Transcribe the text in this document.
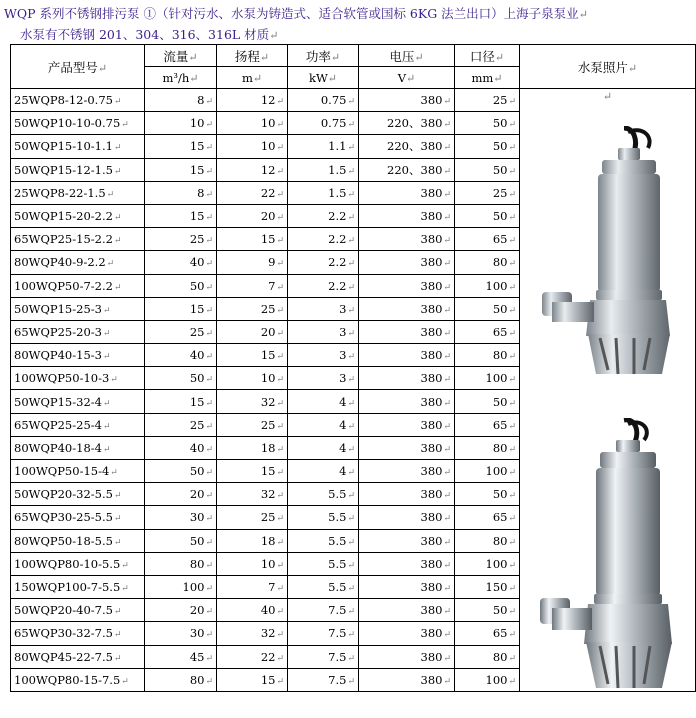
WQP 系列不锈钢排污泵 ①（针对污水、水泵为铸造式、适合软管或国标 6KG 法兰出口）上海子泉泵业↵
水泵有不锈钢 201、304、316、316L 材质↵
产品型号↵	流量↵	扬程↵	功率↵	电压↵	口径↵	水泵照片↵
	m³/h↵	m↵	kW↵	V↵	mm↵	
25WQP8-12-0.75↵	8↵	12↵	0.75↵	380↵	25↵	↵
50WQP10-10-0.75↵	10↵	10↵	0.75↵	220、380↵	50↵	
50WQP15-10-1.1↵	15↵	10↵	1.1↵	220、380↵	50↵	
50WQP15-12-1.5↵	15↵	12↵	1.5↵	220、380↵	50↵	
25WQP8-22-1.5↵	8↵	22↵	1.5↵	380↵	25↵	
50WQP15-20-2.2↵	15↵	20↵	2.2↵	380↵	50↵	
65WQP25-15-2.2↵	25↵	15↵	2.2↵	380↵	65↵	
80WQP40-9-2.2↵	40↵	9↵	2.2↵	380↵	80↵	
100WQP50-7-2.2↵	50↵	7↵	2.2↵	380↵	100↵	
50WQP15-25-3↵	15↵	25↵	3↵	380↵	50↵	
65WQP25-20-3↵	25↵	20↵	3↵	380↵	65↵	
80WQP40-15-3↵	40↵	15↵	3↵	380↵	80↵	
100WQP50-10-3↵	50↵	10↵	3↵	380↵	100↵	
50WQP15-32-4↵	15↵	32↵	4↵	380↵	50↵	
65WQP25-25-4↵	25↵	25↵	4↵	380↵	65↵	
80WQP40-18-4↵	40↵	18↵	4↵	380↵	80↵	
100WQP50-15-4↵	50↵	15↵	4↵	380↵	100↵	
50WQP20-32-5.5↵	20↵	32↵	5.5↵	380↵	50↵	
65WQP30-25-5.5↵	30↵	25↵	5.5↵	380↵	65↵	
80WQP50-18-5.5↵	50↵	18↵	5.5↵	380↵	80↵	
100WQP80-10-5.5↵	80↵	10↵	5.5↵	380↵	100↵	
150WQP100-7-5.5↵	100↵	7↵	5.5↵	380↵	150↵	
50WQP20-40-7.5↵	20↵	40↵	7.5↵	380↵	50↵	
65WQP30-32-7.5↵	30↵	32↵	7.5↵	380↵	65↵	
80WQP45-22-7.5↵	45↵	22↵	7.5↵	380↵	80↵	
100WQP80-15-7.5↵	80↵	15↵	7.5↵	380↵	100↵	
